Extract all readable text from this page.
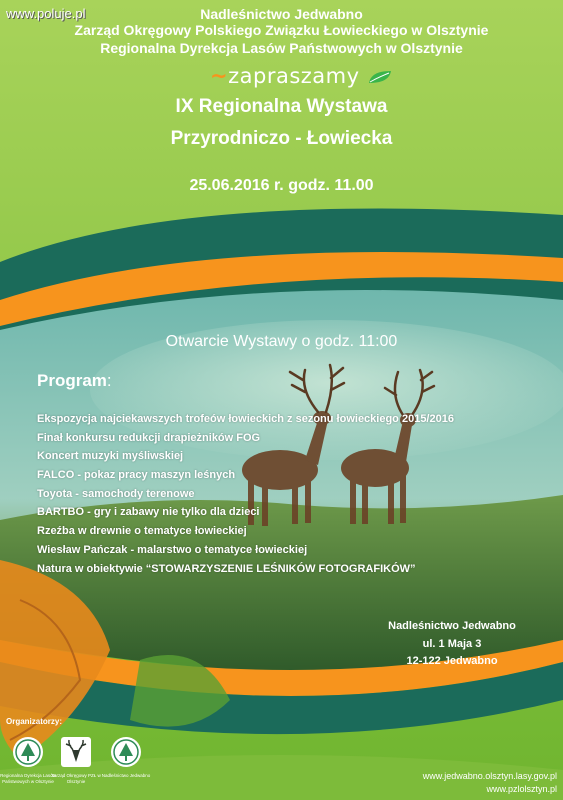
www.poluje.pl	Nadleśnictwo Jedwabno
Zarząd Okręgowy Polskiego Związku Łowieckiego w Olsztynie
Regionalna Dyrekcja Lasów Państwowych w Olsztynie
~zapraszamy
IX Regionalna Wystawa
Przyrodniczo - Łowiecka
25.06.2016 r. godz. 11.00
Otwarcie Wystawy o godz. 11:00
Program:
Ekspozycja najciekawszych trofeów łowieckich z sezonu łowieckiego 2015/2016
Finał konkursu redukcji drapieżników FOG
Koncert muzyki myśliwskiej
FALCO - pokaz pracy maszyn leśnych
Toyota - samochody terenowe
BARTBO - gry i zabawy nie tylko dla dzieci
Rzeźba w drewnie o tematyce łowieckiej
Wiesław Pańczak - malarstwo o tematyce łowieckiej
Natura w obiektywie “STOWARZYSZENIE LEŚNIKÓW FOTOGRAFIKÓW”
Nadleśnictwo Jedwabno
ul. 1 Maja 3
12-122 Jedwabno
Organizatorzy:
Regionalna Dyrekcja Lasów Państwowych w Olsztynie
Zarząd Okręgowy PZŁ w Olsztynie
Nadleśnictwo Jedwabno	www.jedwabno.olsztyn.lasy.gov.pl
www.pzlolsztyn.pl
